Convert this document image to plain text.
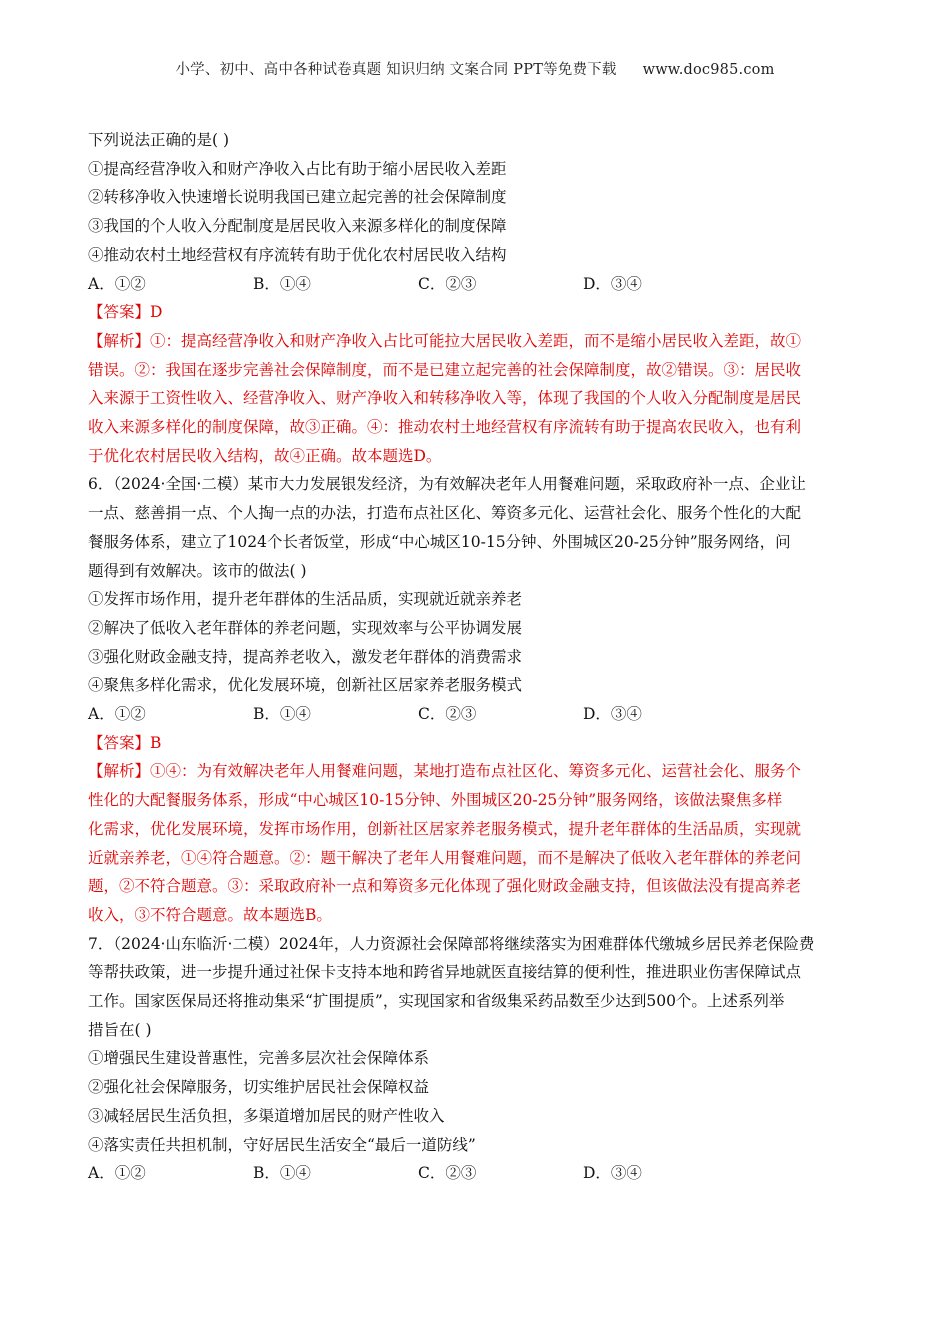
小学、初中、高中各种试卷真题 知识归纳 文案合同 PPT等免费下载 www.doc985.com
下列说法正确的是( )
①提高经营净收入和财产净收入占比有助于缩小居民收入差距
②转移净收入快速增长说明我国已建立起完善的社会保障制度
③我国的个人收入分配制度是居民收入来源多样化的制度保障
④推动农村土地经营权有序流转有助于优化农村居民收入结构
A．①②	B．①④	C．②③	D．③④
【答案】D
【解析】①：提高经营净收入和财产净收入占比可能拉大居民收入差距，而不是缩小居民收入差距，故①
错误。②：我国在逐步完善社会保障制度，而不是已建立起完善的社会保障制度，故②错误。③：居民收
入来源于工资性收入、经营净收入、财产净收入和转移净收入等，体现了我国的个人收入分配制度是居民
收入来源多样化的制度保障，故③正确。④：推动农村土地经营权有序流转有助于提高农民收入，也有利
于优化农村居民收入结构，故④正确。故本题选D。
6．（2024·全国·二模）某市大力发展银发经济，为有效解决老年人用餐难问题，采取政府补一点、企业让
一点、慈善捐一点、个人掏一点的办法，打造布点社区化、筹资多元化、运营社会化、服务个性化的大配
餐服务体系，建立了1024个长者饭堂，形成“中心城区10-15分钟、外围城区20-25分钟”服务网络，问
题得到有效解决。该市的做法( )
①发挥市场作用，提升老年群体的生活品质，实现就近就亲养老
②解决了低收入老年群体的养老问题，实现效率与公平协调发展
③强化财政金融支持，提高养老收入，激发老年群体的消费需求
④聚焦多样化需求，优化发展环境，创新社区居家养老服务模式
A．①②	B．①④	C．②③	D．③④
【答案】B
【解析】①④：为有效解决老年人用餐难问题，某地打造布点社区化、筹资多元化、运营社会化、服务个
性化的大配餐服务体系，形成“中心城区10-15分钟、外围城区20-25分钟”服务网络，该做法聚焦多样
化需求，优化发展环境，发挥市场作用，创新社区居家养老服务模式，提升老年群体的生活品质，实现就
近就亲养老，①④符合题意。②：题干解决了老年人用餐难问题，而不是解决了低收入老年群体的养老问
题，②不符合题意。③：采取政府补一点和筹资多元化体现了强化财政金融支持，但该做法没有提高养老
收入，③不符合题意。故本题选B。
7．（2024·山东临沂·二模）2024年，人力资源社会保障部将继续落实为困难群体代缴城乡居民养老保险费
等帮扶政策，进一步提升通过社保卡支持本地和跨省异地就医直接结算的便利性，推进职业伤害保障试点
工作。国家医保局还将推动集采“扩围提质”，实现国家和省级集采药品数至少达到500个。上述系列举
措旨在( )
①增强民生建设普惠性，完善多层次社会保障体系
②强化社会保障服务，切实维护居民社会保障权益
③减轻居民生活负担，多渠道增加居民的财产性收入
④落实责任共担机制，守好居民生活安全“最后一道防线”
A．①②	B．①④	C．②③	D．③④
